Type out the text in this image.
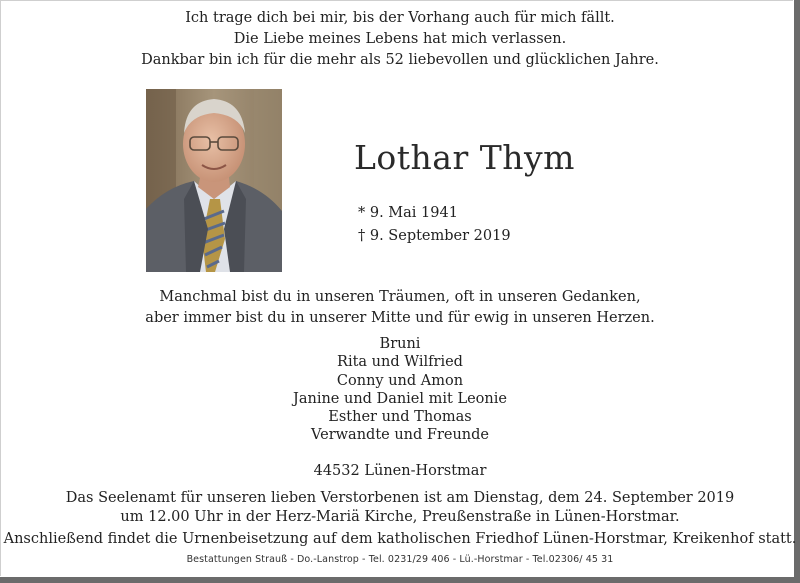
Ich trage dich bei mir, bis der Vorhang auch für mich fällt.
Die Liebe meines Lebens hat mich verlassen.
Dankbar bin ich für die mehr als 52 liebevollen und glücklichen Jahre.
Lothar Thym
* 9. Mai 1941
† 9. September 2019
Manchmal bist du in unseren Träumen, oft in unseren Gedanken,
aber immer bist du in unserer Mitte und für ewig in unseren Herzen.
Bruni
Rita und Wilfried
Conny und Amon
Janine und Daniel mit Leonie
Esther und Thomas
Verwandte und Freunde
44532 Lünen-Horstmar
Das Seelenamt für unseren lieben Verstorbenen ist am Dienstag, dem 24. September 2019
um 12.00 Uhr in der Herz-Mariä Kirche, Preußenstraße in Lünen-Horstmar.
Anschließend findet die Urnenbeisetzung auf dem katholischen Friedhof Lünen-Horstmar, Kreikenhof statt.
Bestattungen Strauß - Do.-Lanstrop - Tel. 0231/29 406 - Lü.-Horstmar - Tel.02306/ 45 31
